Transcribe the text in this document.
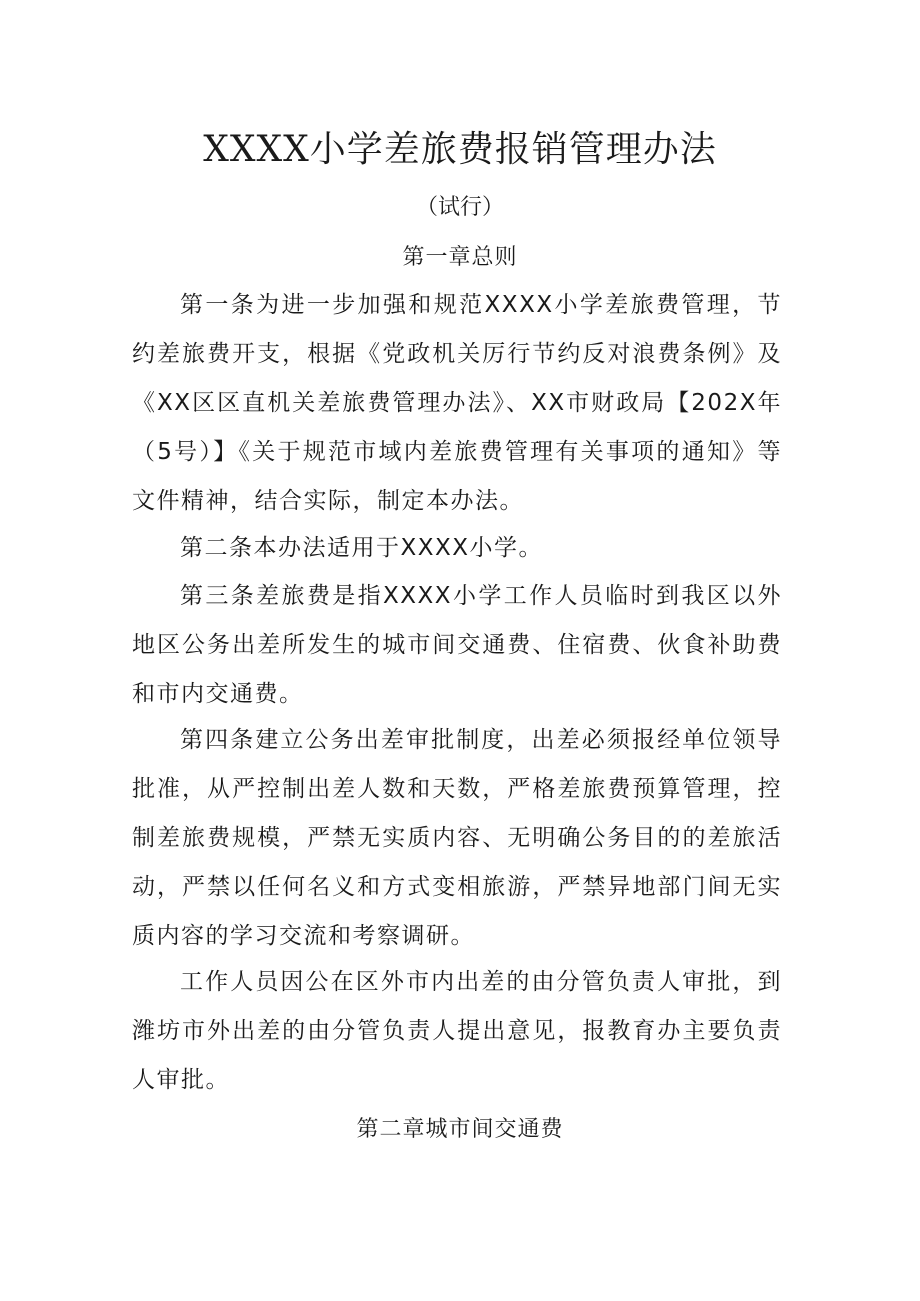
XXXX小学差旅费报销管理办法
（试行）
第一章总则

第一条为进一步加强和规范XXXX小学差旅费管理，节约差旅费开支，根据《党政机关厉行节约反对浪费条例》及《XX区区直机关差旅费管理办法》、XX市财政局【202X年（5号）】《关于规范市域内差旅费管理有关事项的通知》等文件精神，结合实际，制定本办法。

第二条本办法适用于XXXX小学。

第三条差旅费是指XXXX小学工作人员临时到我区以外地区公务出差所发生的城市间交通费、住宿费、伙食补助费和市内交通费。

第四条建立公务出差审批制度，出差必须报经单位领导批准，从严控制出差人数和天数，严格差旅费预算管理，控制差旅费规模，严禁无实质内容、无明确公务目的的差旅活动，严禁以任何名义和方式变相旅游，严禁异地部门间无实质内容的学习交流和考察调研。

工作人员因公在区外市内出差的由分管负责人审批，到潍坊市外出差的由分管负责人提出意见，报教育办主要负责人审批。

第二章城市间交通费
